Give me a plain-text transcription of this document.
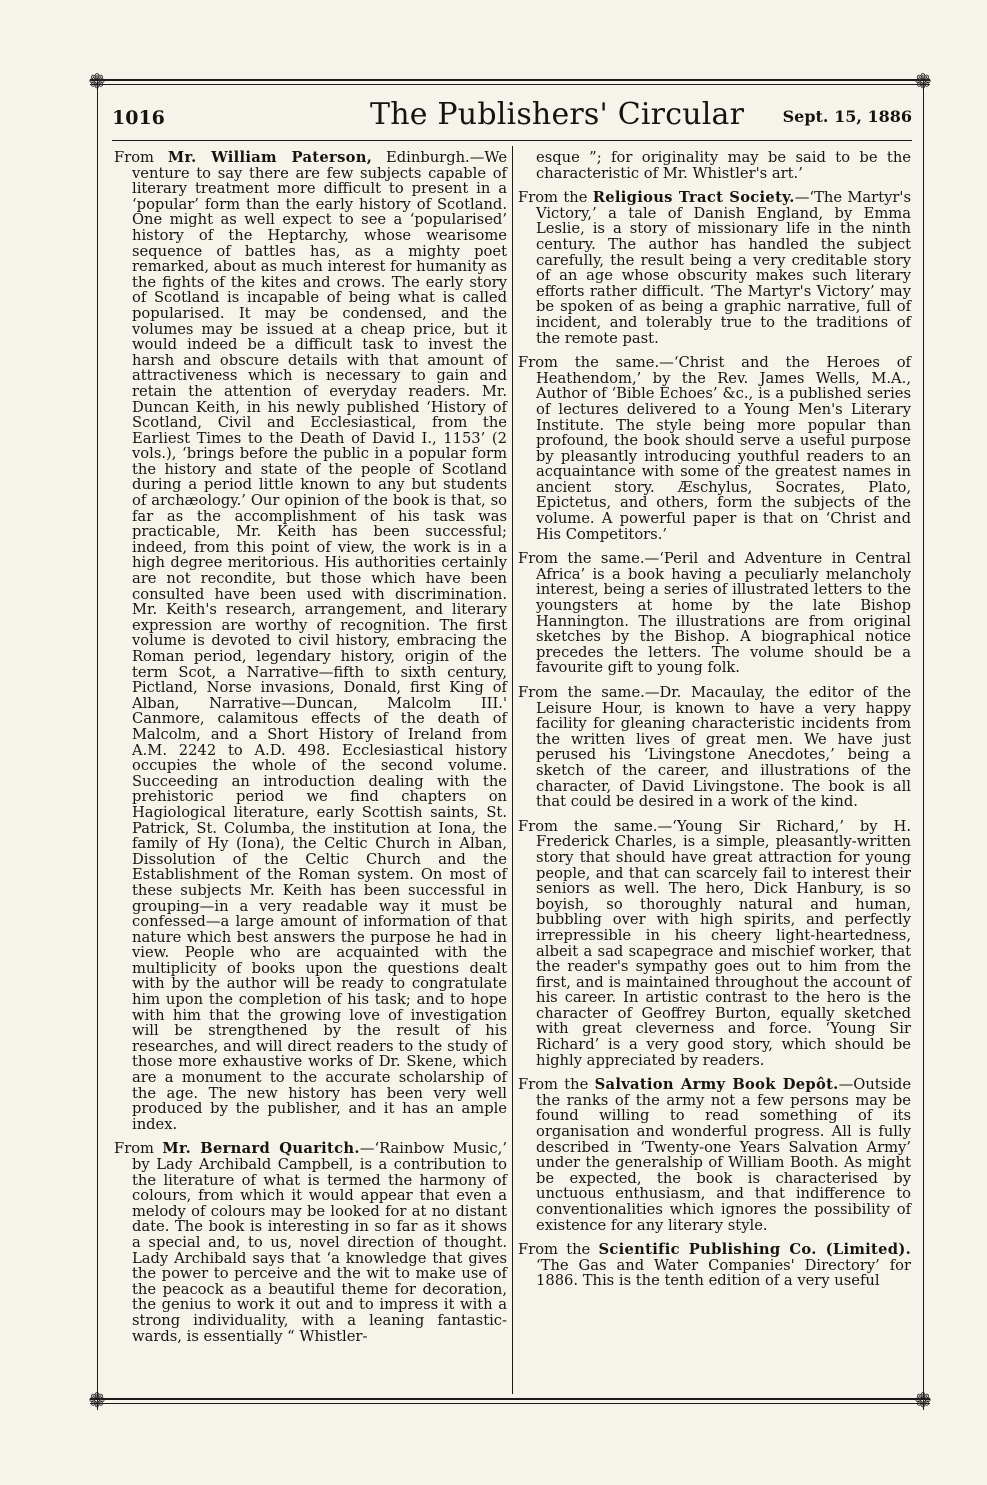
❁	❁
❁	❁
1016	The Publishers' Circular Sept. 15, 1886

From Mr. William Paterson, Edinburgh.—We venture to say there are few subjects capable of literary treatment more difficult to present in a ‘popular’ form than the early history of Scotland. One might as well expect to see a ‘popularised’ history of the Heptarchy, whose wearisome sequence of battles has, as a mighty poet remarked, about as much interest for humanity as the fights of the kites and crows. The early story of Scotland is incapable of being what is called popularised. It may be condensed, and the volumes may be issued at a cheap price, but it would indeed be a difficult task to invest the harsh and obscure details with that amount of attractiveness which is necessary to gain and retain the attention of everyday readers. Mr. Duncan Keith, in his newly published ‘History of Scotland, Civil and Ecclesiastical, from the Earliest Times to the Death of David I., 1153’ (2 vols.), ‘brings before the public in a popular form the history and state of the people of Scotland during a period little known to any but students of archæology.’ Our opinion of the book is that, so far as the accomplishment of his task was practicable, Mr. Keith has been successful; indeed, from this point of view, the work is in a high degree meritorious. His authorities certainly are not recondite, but those which have been consulted have been used with discrimination. Mr. Keith's research, arrangement, and literary expression are worthy of recognition. The first volume is devoted to civil history, embracing the Roman period, legendary history, origin of the term Scot, a Narrative—fifth to sixth century, Pictland, Norse invasions, Donald, first King of Alban, Narrative—Duncan, Malcolm III.' Canmore, calamitous effects of the death of Malcolm, and a Short History of Ireland from A.M. 2242 to A.D. 498. Ecclesiastical history occupies the whole of the second volume. Succeeding an introduction dealing with the prehistoric period we find chapters on Hagiological literature, early Scottish saints, St. Patrick, St. Columba, the institution at Iona, the family of Hy (Iona), the Celtic Church in Alban, Dissolution of the Celtic Church and the Establishment of the Roman system. On most of these subjects Mr. Keith has been successful in grouping—in a very readable way it must be confessed—a large amount of information of that nature which best answers the purpose he had in view. People who are acquainted with the multiplicity of books upon the questions dealt with by the author will be ready to congratulate him upon the completion of his task; and to hope with him that the growing love of investigation will be strengthened by the result of his researches, and will direct readers to the study of those more exhaustive works of Dr. Skene, which are a monument to the accurate scholarship of the age. The new history has been very well produced by the publisher, and it has an ample index.

From Mr. Bernard Quaritch.—‘Rainbow Music,’ by Lady Archibald Campbell, is a contribution to the literature of what is termed the harmony of colours, from which it would appear that even a melody of colours may be looked for at no distant date. The book is interesting in so far as it shows a special and, to us, novel direction of thought. Lady Archibald says that ‘a knowledge that gives the power to perceive and the wit to make use of the peacock as a beautiful theme for decoration, the genius to work it out and to impress it with a strong individuality, with a leaning fantastic-wards, is essentially “ Whistler-

esque ”; for originality may be said to be the characteristic of Mr. Whistler's art.’

From the Religious Tract Society.—‘The Martyr's Victory,’ a tale of Danish England, by Emma Leslie, is a story of missionary life in the ninth century. The author has handled the subject carefully, the result being a very creditable story of an age whose obscurity makes such literary efforts rather difficult. ‘The Martyr's Victory’ may be spoken of as being a graphic narrative, full of incident, and tolerably true to the traditions of the remote past.

From the same.—‘Christ and the Heroes of Heathendom,’ by the Rev. James Wells, M.A., Author of ‘Bible Echoes’ &c., is a published series of lectures delivered to a Young Men's Literary Institute. The style being more popular than profound, the book should serve a useful purpose by pleasantly introducing youthful readers to an acquaintance with some of the greatest names in ancient story. Æschylus, Socrates, Plato, Epictetus, and others, form the subjects of the volume. A powerful paper is that on ‘Christ and His Competitors.’

From the same.—‘Peril and Adventure in Central Africa’ is a book having a peculiarly melancholy interest, being a series of illustrated letters to the youngsters at home by the late Bishop Hannington. The illustrations are from original sketches by the Bishop. A biographical notice precedes the letters. The volume should be a favourite gift to young folk.

From the same.—Dr. Macaulay, the editor of the Leisure Hour, is known to have a very happy facility for gleaning characteristic incidents from the written lives of great men. We have just perused his ‘Livingstone Anecdotes,’ being a sketch of the career, and illustrations of the character, of David Livingstone. The book is all that could be desired in a work of the kind.

From the same.—‘Young Sir Richard,’ by H. Frederick Charles, is a simple, pleasantly-written story that should have great attraction for young people, and that can scarcely fail to interest their seniors as well. The hero, Dick Hanbury, is so boyish, so thoroughly natural and human, bubbling over with high spirits, and perfectly irrepressible in his cheery light-heartedness, albeit a sad scapegrace and mischief worker, that the reader's sympathy goes out to him from the first, and is maintained throughout the account of his career. In artistic contrast to the hero is the character of Geoffrey Burton, equally sketched with great cleverness and force. ‘Young Sir Richard’ is a very good story, which should be highly appreciated by readers.

From the Salvation Army Book Depôt.—Outside the ranks of the army not a few persons may be found willing to read something of its organisation and wonderful progress. All is fully described in ‘Twenty-one Years Salvation Army’ under the generalship of William Booth. As might be expected, the book is characterised by unctuous enthusiasm, and that indifference to conventionalities which ignores the possibility of existence for any literary style.

From the Scientific Publishing Co. (Limited). ‘The Gas and Water Companies' Directory’ for 1886. This is the tenth edition of a very useful
